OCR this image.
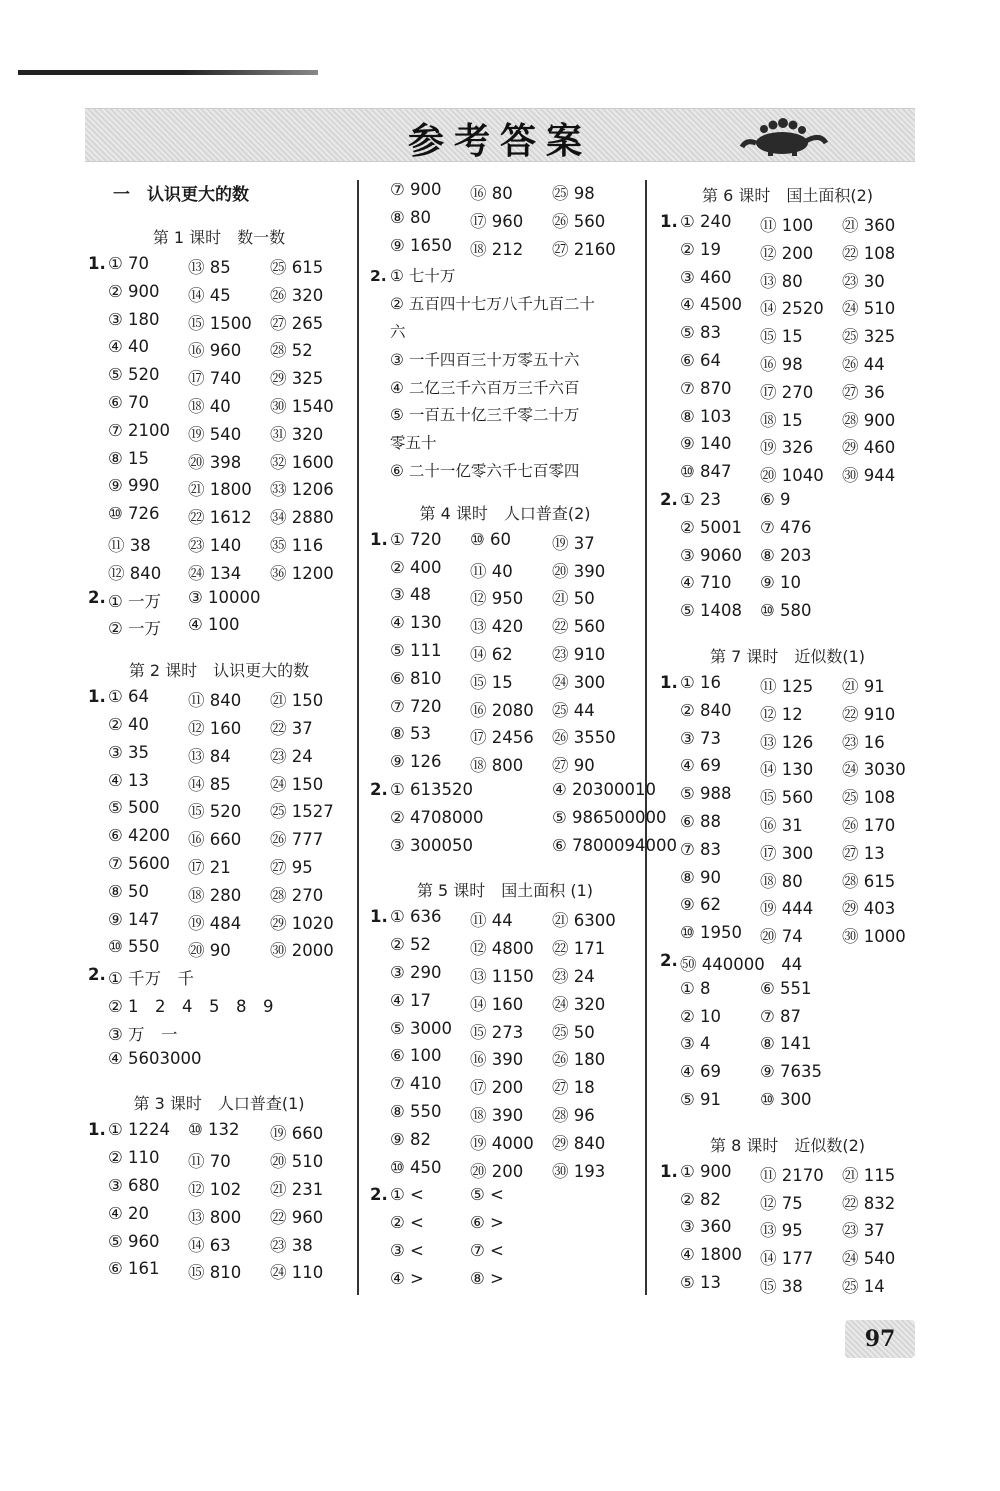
参考答案
一　认识更大的数
第 1 课时　数一数
1. ① 70 ⑬ 85 ㉕ 615
② 900 ⑭ 45 ㉖ 320
③ 180 ⑮ 1500 ㉗ 265
④ 40 ⑯ 960 ㉘ 52
⑤ 520 ⑰ 740 ㉙ 325
⑥ 70 ⑱ 40 ㉚ 1540
⑦ 2100 ⑲ 540 ㉛ 320
⑧ 15 ⑳ 398 ㉜ 1600
⑨ 990 ㉑ 1800 ㉝ 1206
⑩ 726 ㉒ 1612 ㉞ 2880
⑪ 38 ㉓ 140 ㉟ 116
⑫ 840 ㉔ 134 ㊱ 1200
2. ① 一万 ③ 10000
② 一万 ④ 100
第 2 课时　认识更大的数
1. ① 64 ⑪ 840 ㉑ 150
② 40 ⑫ 160 ㉒ 37
③ 35 ⑬ 84 ㉓ 24
④ 13 ⑭ 85 ㉔ 150
⑤ 500 ⑮ 520 ㉕ 1527
⑥ 4200 ⑯ 660 ㉖ 777
⑦ 5600 ⑰ 21 ㉗ 95
⑧ 50 ⑱ 280 ㉘ 270
⑨ 147 ⑲ 484 ㉙ 1020
⑩ 550 ⑳ 90 ㉚ 2000
2. ① 千万　千
② 1　2　4　5　8　9
③ 万　一
④ 5603000
第 3 课时　人口普查(1)
1. ① 1224 ⑩ 132 ⑲ 660
② 110 ⑪ 70 ⑳ 510
③ 680 ⑫ 102 ㉑ 231
④ 20 ⑬ 800 ㉒ 960
⑤ 960 ⑭ 63 ㉓ 38
⑥ 161 ⑮ 810 ㉔ 110
⑦ 900 ⑯ 80 ㉕ 98
⑧ 80 ⑰ 960 ㉖ 560
⑨ 1650 ⑱ 212 ㉗ 2160
2. ① 七十万
② 五百四十七万八千九百二十
六
③ 一千四百三十万零五十六
④ 二亿三千六百万三千六百
⑤ 一百五十亿三千零二十万
零五十
⑥ 二十一亿零六千七百零四
第 4 课时　人口普查(2)
1. ① 720 ⑩ 60 ⑲ 37
② 400 ⑪ 40 ⑳ 390
③ 48 ⑫ 950 ㉑ 50
④ 130 ⑬ 420 ㉒ 560
⑤ 111 ⑭ 62 ㉓ 910
⑥ 810 ⑮ 15 ㉔ 300
⑦ 720 ⑯ 2080 ㉕ 44
⑧ 53 ⑰ 2456 ㉖ 3550
⑨ 126 ⑱ 800 ㉗ 90
2. ① 613520	④ 20300010
② 4708000	⑤ 986500000
③ 300050	⑥ 7800094000
第 5 课时　国土面积 (1)
1. ① 636 ⑪ 44 ㉑ 6300
② 52 ⑫ 4800 ㉒ 171
③ 290 ⑬ 1150 ㉓ 24
④ 17 ⑭ 160 ㉔ 320
⑤ 3000 ⑮ 273 ㉕ 50
⑥ 100 ⑯ 390 ㉖ 180
⑦ 410 ⑰ 200 ㉗ 18
⑧ 550 ⑱ 390 ㉘ 96
⑨ 82 ⑲ 4000 ㉙ 840
⑩ 450 ⑳ 200 ㉚ 193
2. ① <	⑤ <
② <	⑥ >
③ <	⑦ <
④ >	⑧ >
第 6 课时　国土面积(2)
1. ① 240 ⑪ 100 ㉑ 360
② 19 ⑫ 200 ㉒ 108
③ 460 ⑬ 80 ㉓ 30
④ 4500 ⑭ 2520 ㉔ 510
⑤ 83 ⑮ 15 ㉕ 325
⑥ 64 ⑯ 98 ㉖ 44
⑦ 870 ⑰ 270 ㉗ 36
⑧ 103 ⑱ 15 ㉘ 900
⑨ 140 ⑲ 326 ㉙ 460
⑩ 847 ⑳ 1040 ㉚ 944
2. ① 23 ⑥ 9
② 5001 ⑦ 476
③ 9060 ⑧ 203
④ 710 ⑨ 10
⑤ 1408 ⑩ 580
第 7 课时　近似数(1)
1. ① 16 ⑪ 125 ㉑ 91
② 840 ⑫ 12 ㉒ 910
③ 73 ⑬ 126 ㉓ 16
④ 69 ⑭ 130 ㉔ 3030
⑤ 988 ⑮ 560 ㉕ 108
⑥ 88 ⑯ 31 ㉖ 170
⑦ 83 ⑰ 300 ㉗ 13
⑧ 90 ⑱ 80 ㉘ 615
⑨ 62 ⑲ 444 ㉙ 403
⑩ 1950 ⑳ 74 ㉚ 1000
2. ㊿ 440000　44
① 8	⑥ 551
② 10 ⑦ 87
③ 4	⑧ 141
④ 69 ⑨ 7635
⑤ 91 ⑩ 300
第 8 课时　近似数(2)
1. ① 900 ⑪ 2170 ㉑ 115
② 82 ⑫ 75 ㉒ 832
③ 360 ⑬ 95 ㉓ 37
④ 1800 ⑭ 177 ㉔ 540
⑤ 13 ⑮ 38 ㉕ 14
97
